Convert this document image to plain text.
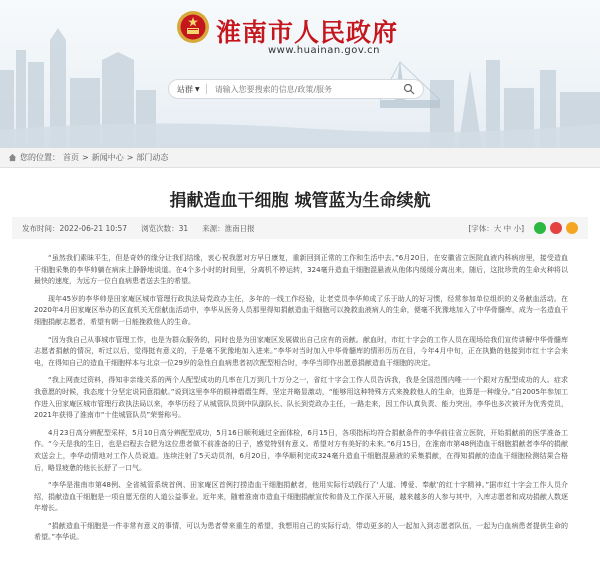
淮南市人民政府
www.huainan.gov.cn
站群 ▼
请输入您要搜索的信息/政策/服务
您的位置： 首页 > 新闻中心 > 部门动态
捐献造血干细胞 城管蓝为生命续航
发布时间：2022-06-21 10:57 浏览次数：31 来源：淮南日报	[字体：大 中 小]

“虽然我们素昧平生，但是奇妙的缘分让我们结缘，衷心祝我愿对方早日康复，重新回到正常的工作和生活中去。”6月20日，在安徽省立医院血液内科病房里，接受造血干细胞采集的李华帅躺在病床上静静地说道。在4个多小时的时间里，分离机不停运转，324毫升造血干细胞混悬液从他体内缓缓分离出来，随后，这批珍贵的生命火种将以最快的速度，为远方一位白血病患者送去生的希望。

现年45岁的李华帅是田家庵区城市管理行政执法局党政办主任，多年的一线工作经验，让老党员李华帅成了乐于助人的好习惯，经常参加单位组织的义务献血活动。在2020年4月田家庵区举办的区直机关无偿献血活动中，李华从医务人员那里得知捐献造血干细胞可以挽救血液病人的生命，便毫不犹豫地加入了中华骨髓库，成为一名造血干细胞捐献志愿者，希望有朝一日能挽救他人的生命。

“因为我自己从事城市管理工作，也是为群众服务的，同时也是为田家庵区发展做出自己应有的贡献。献血时，市红十字会的工作人员在现场给我们宣传讲解中华骨髓库志愿者捐献的情况，听过以后，觉得挺有意义的，于是毫不犹豫地加入进来。”李华对当时加入中华骨髓库的情形历历在目，今年4月中旬，正在执勤的他接到市红十字会来电，在得知自己的造血干细胞样本与北京一位29岁的急性白血病患者初次配型相合时，李华当即作出愿意捐献造血干细胞的决定。

“我上网查过资料，得知非亲缘关系的两个人配型成功的几率在几万到几十万分之一，省红十字会工作人员告诉我，我是全国范围内唯一一个跟对方配型成功的人。症求我意愿的时候，我态度十分坚定说同意捐献。”说到这里李华的眼神熠熠生辉，坚定并略显激动，“能够用这种特殊方式来挽救他人的生命，也算是一种缘分。”自2005年参加工作进入田家庵区城市管理行政执法局以来，李华历经了从城管队员到中队副队长、队长到党政办主任，一路走来，因工作认真负责、能力突出，李华也多次被评为优秀党员，2021年获得了淮南市“十佳城管队员”荣誉称号。

4月23日高分辨配型采样，5月10日高分辨配型成功，5月16日顺利通过全面体检，6月15日，各项指标均符合捐献条件的李华前往省立医院，开始捐献前的医学准备工作。“今天是我的生日，也是启程去合肥为这位患者做不前准备的日子，感觉特别有意义。希望对方有美好的未来。”6月15日，在淮南市第48例造血干细胞捐献者李华的捐献欢送会上，李华动情地对工作人员说道。连续注射了5天动员剂，6月20日，李华顺利完成324毫升造血干细胞混悬液的采集捐献，在得知捐献的造血干细胞检测结果合格后，略显疲惫的他长长舒了一口气。

“李华是淮南市第48例、全省城管系统首例、田家庵区首例打捞造血干细胞捐献者，他用实际行动践行了‘人道、博爱、奉献’的红十字精神。”据市红十字会工作人员介绍，捐献造血干细胞是一项自愿无偿的人道公益事业。近年来，随着淮南市造血干细胞捐献宣传和普及工作深入开展，越来越多的人参与其中，入库志愿者和成功捐献人数逐年增长。

“捐献造血干细胞是一件非常有意义的事情，可以为患者带来重生的希望，我想用自己的实际行动，带动更多的人一起加入到志愿者队伍，一起为白血病患者提供生命的希望。”李华说。
